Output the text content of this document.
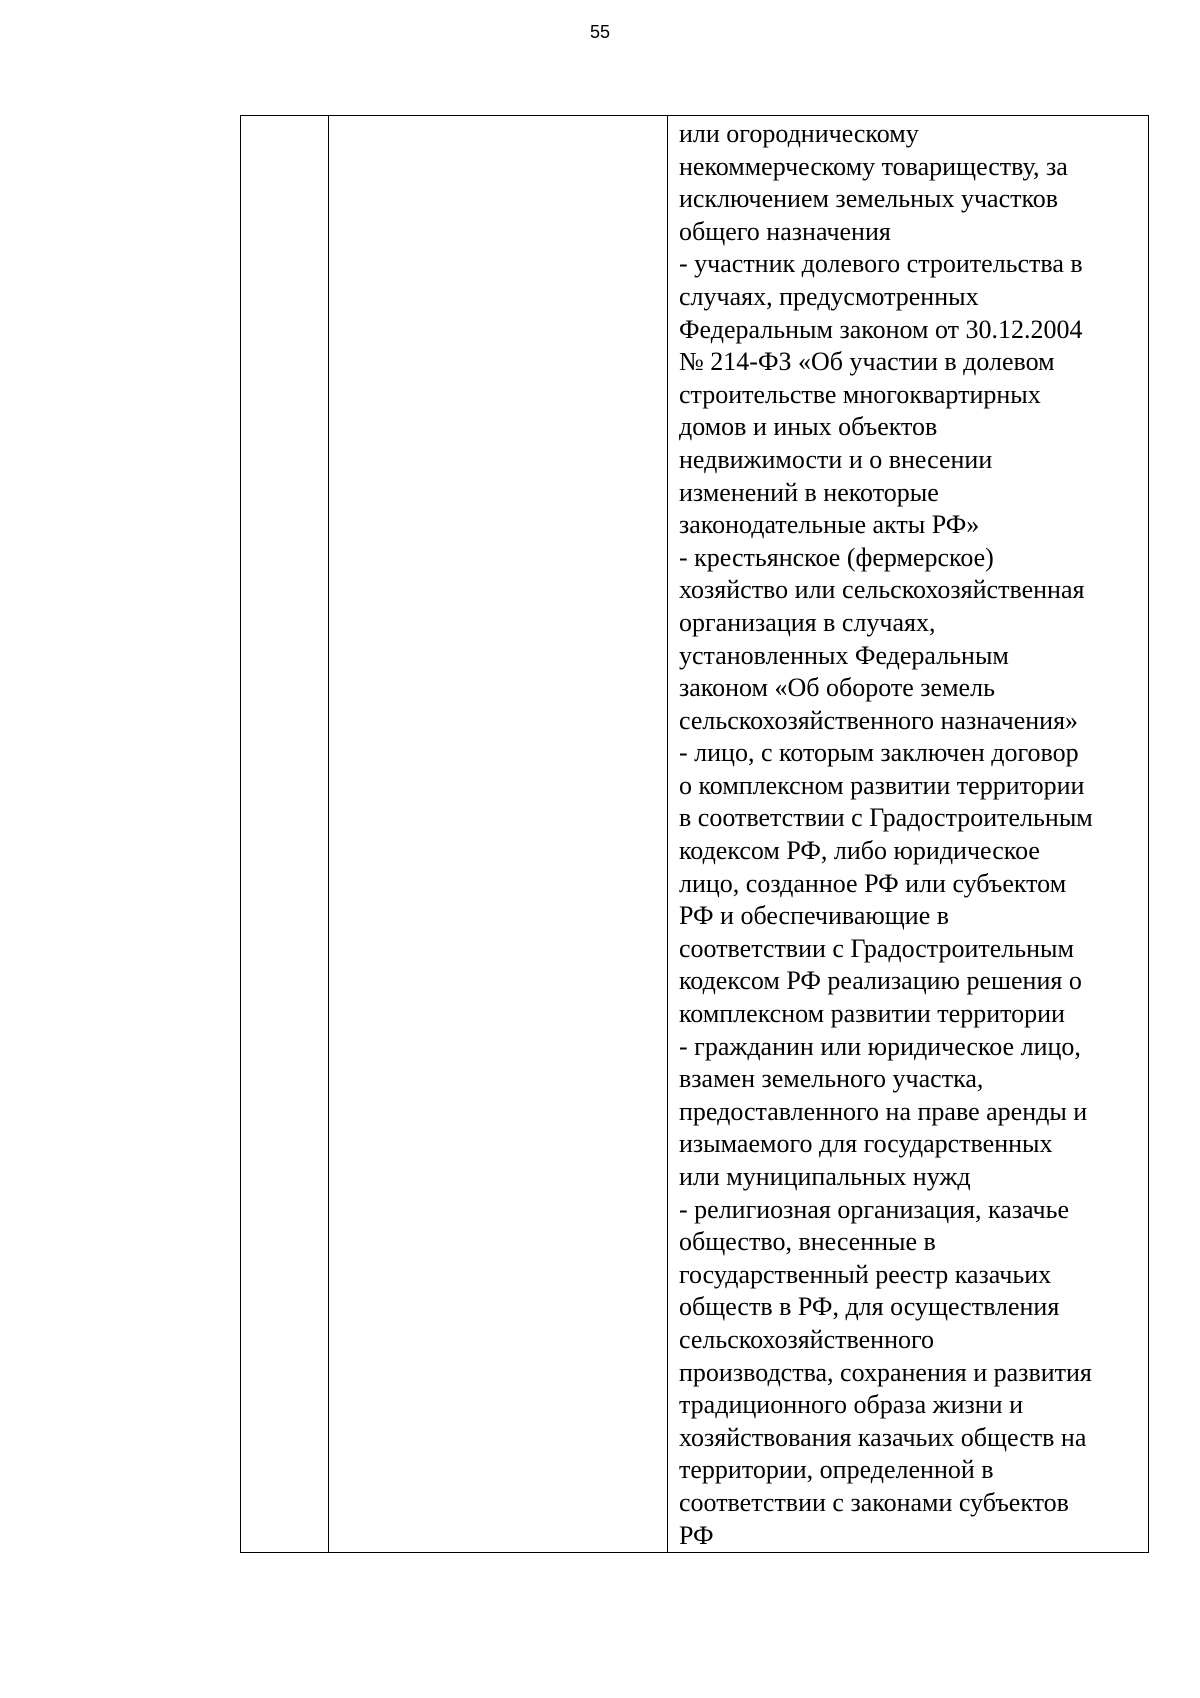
55

или огородническому

некоммерческому товариществу, за

исключением земельных участков

общего назначения

- участник долевого строительства в

случаях, предусмотренных

Федеральным законом от 30.12.2004

№ 214-ФЗ «Об участии в долевом

строительстве многоквартирных

домов и иных объектов

недвижимости и о внесении

изменений в некоторые

законодательные акты РФ»

- крестьянское (фермерское)

хозяйство или сельскохозяйственная

организация в случаях,

установленных Федеральным

законом «Об обороте земель

сельскохозяйственного назначения»

- лицо, с которым заключен договор

о комплексном развитии территории

в соответствии с Градостроительным

кодексом РФ, либо юридическое

лицо, созданное РФ или субъектом

РФ и обеспечивающие в

соответствии с Градостроительным

кодексом РФ реализацию решения о

комплексном развитии территории

- гражданин или юридическое лицо,

взамен земельного участка,

предоставленного на праве аренды и

изымаемого для государственных

или муниципальных нужд

- религиозная организация, казачье

общество, внесенные в

государственный реестр казачьих

обществ в РФ, для осуществления

сельскохозяйственного

производства, сохранения и развития

традиционного образа жизни и

хозяйствования казачьих обществ на

территории, определенной в

соответствии с законами субъектов

РФ
